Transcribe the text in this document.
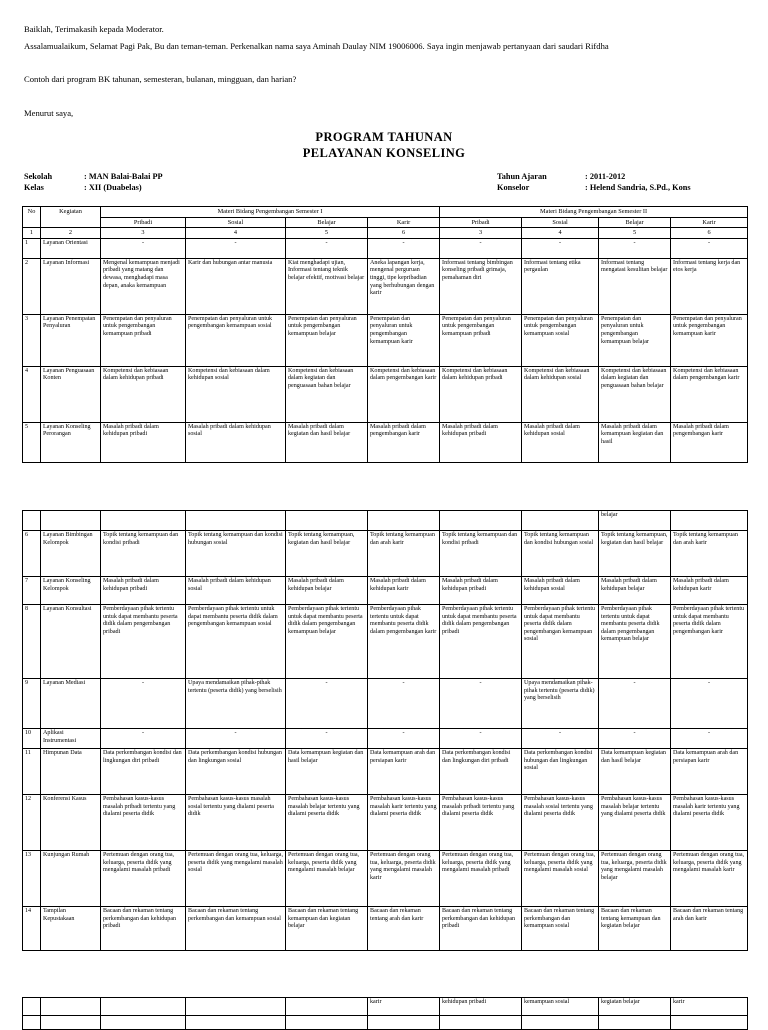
Baiklah, Terimakasih kepada Moderator.
Assalamualaikum, Selamat Pagi Pak, Bu dan teman-teman. Perkenalkan nama saya Aminah Daulay NIM 19006006. Saya ingin menjawab pertanyaan dari saudari Rifdha
Contoh dari program BK tahunan, semesteran, bulanan, mingguan, dan harian?
Menurut saya,
PROGRAM TAHUNAN
PELAYANAN KONSELING
Sekolah	: MAN Balai-Balai PP
Kelas	: XII (Duabelas)
Tahun Ajaran	: 2011-2012
Konselor	: Helend Sandria, S.Pd., Kons
No	Kegiatan	Materi Bidang Pengembangan Semester I				Materi Bidang Pengembangan Semester II			
		Pribadi	Sosial	Belajar	Karir	Pribadi	Sosial	Belajar	Karir
1	2	3	4	5	6	3	4	5	6
1	Layanan Orientasi	-	-	-	-	-	-	-	-
2	Layanan Informasi	Mengenal kemampuan menjadi pribadi yang matang dan dewasa, menghadapi masa depan, anaka kemampuan	Karir dan hubungan antar manusia	Kiat menghadapi ujian, Informasi tentang teknik belajar efektif, motivasi belajar	Aneka lapangan kerja, mengenal perguruan tinggi, tipe kepribadian yang berhubungan dengan karir	Informasi tentang bimbingan konseling pribadi grimaja, pemahaman diri	Informasi tentang etika pergaulan	Informasi tentang mengatasi kesulitan belajar	Informasi tentang kerja dan etos kerja
3	Layanan Penempatan Penyaluran	Penempatan dan penyaluran untuk pengembangan kemampuan pribadi	Penempatan dan penyaluran untuk pengembangan kemampuan sosial	Penempatan dan penyaluran untuk pengembangan kemampuan belajar	Penempatan dan penyaluran untuk pengembangan kemampuan karir	Penempatan dan penyaluran untuk pengembangan kemampuan pribadi	Penempatan dan penyaluran untuk pengembangan kemampuan sosial	Penempatan dan penyaluran untuk pengembangan kemampuan belajar	Penempatan dan penyaluran untuk pengembangan kemampuan karir
4	Layanan Penguasaan Konten	Kompetensi dan kebiasaan dalam kehidupan pribadi	Kompetensi dan kebiasaan dalam kehidupan sosial	Kompetensi dan kebiasaan dalam kegiatan dan penguasaan bahan belajar	Kompetensi dan kebiasaan dalam pengembangan karir	Kompetensi dan kebiasaan dalam kehidupan pribadi	Kompetensi dan kebiasaan dalam kehidupan sosial	Kompetensi dan kebiasaan dalam kegiatan dan penguasaan bahan belajar	Kompetensi dan kebiasaan dalam pengembangan karir
5	Layanan Konseling Perorangan	Masalah pribadi dalam kehidupan pribadi	Masalah pribadi dalam kehidupan sosial	Masalah pribadi dalam kegiatan dan hasil belajar	Masalah pribadi dalam pengembangan karir	Masalah pribadi dalam kehidupan pribadi	Masalah pribadi dalam kehidupan sosial	Masalah pribadi dalam kemampuan kegiatan dan hasil	Masalah pribadi dalam pengembangan karir
								belajar	
6	Layanan Bimbingan Kelompok	Topik tentang kemampuan dan kondisi pribadi	Topik tentang kemampuan dan kondisi hubungan sosial	Topik tentang kemampuan, kegiatan dan hasil belajar	Topik tentang kemampuan dan arah karir	Topik tentang kemampuan dan kondisi pribadi	Topik tentang kemampuan dan kondisi hubungan sosial	Topik tentang kemampuan, kegiatan dan hasil belajar	Topik tentang kemampuan dan arah karir
7	Layanan Konseling Kelompok	Masalah pribadi dalam kehidupan pribadi	Masalah pribadi dalam kehidupan sosial	Masalah pribadi dalam kehidupan belajar	Masalah pribadi dalam kehidupan karir	Masalah pribadi dalam kehidupan pribadi	Masalah pribadi dalam kehidupan sosial	Masalah pribadi dalam kehidupan belajar	Masalah pribadi dalam kehidupan karir
8	Layanan Konsultasi	Pemberdayaan pihak tertentu untuk dapat membantu peserta didik dalam pengembangan pribadi	Pemberdayaan pihak tertentu untuk dapat membantu peserta didik dalam pengembangan kemampuan sosial	Pemberdayaan pihak tertentu untuk dapat membantu peserta didik dalam pengembangan kemampuan belajar	Pemberdayaan pihak tertentu untuk dapat membantu peserta didik dalam pengembangan karir	Pemberdayaan pihak tertentu untuk dapat membantu peserta didik dalam pengembangan pribadi	Pemberdayaan pihak tertentu untuk dapat membantu peserta didik dalam pengembangan kemampuan sosial	Pemberdayaan pihak tertentu untuk dapat membantu peserta didik dalam pengembangan kemampuan belajar	Pemberdayaan pihak tertentu untuk dapat membantu peserta didik dalam pengembangan karir
9	Layanan Mediasi	-	Upaya mendamaikan pihak-pihak tertentu (peserta didik) yang berselisih	-	-	-	Upaya mendamaikan pihak-pihak tertentu (peserta didik) yang berselisih	-	-
10	Aplikasi Instrumentasi	-	-	-	-	-	-	-	-
11	Himpunan Data	Data perkembangan kondisi dan lingkungan diri pribadi	Data perkembangan kondisi hubungan dan lingkungan sosial	Data kemampuan kegiatan dan hasil belajar	Data kemampuan arah dan persiapan karir	Data perkembangan kondisi dan lingkungan diri pribadi	Data perkembangan kondisi hubungan dan lingkungan sosial	Data kemampuan kegiatan dan hasil belajar	Data kemampuan arah dan persiapan karir
12	Konferensi Kasus	Pembahasan kasus-kasus masalah pribadi tertentu yang dialami peserta didik	Pembahasan kasus-kasus masalah sosial tertentu yang dialami peserta didik	Pembahasan kasus-kasus masalah belajar tertentu yang dialami peserta didik	Pembahasan kasus-kasus masalah karir tertentu yang dialami peserta didik	Pembahasan kasus-kasus masalah pribadi tertentu yang dialami peserta didik	Pembahasan kasus-kasus masalah sosial tertentu yang dialami peserta didik	Pembahasan kasus-kasus masalah belajar tertentu yang dialami peserta didik	Pembahasan kasus-kasus masalah karir tertentu yang dialami peserta didik
13	Kunjungan Rumah	Pertemuan dengan orang tua, keluarga, peserta didik yang mengalami masalah pribadi	Pertemuan dengan orang tua, keluarga, peserta didik yang mengalami masalah sosial	Pertemuan dengan orang tua, keluarga, peserta didik yang mengalami masalah belajar	Pertemuan dengan orang tua, keluarga, peserta didik yang mengalami masalah karir	Pertemuan dengan orang tua, keluarga, peserta didik yang mengalami masalah pribadi	Pertemuan dengan orang tua, keluarga, peserta didik yang mengalami masalah sosial	Pertemuan dengan orang tua, keluarga, peserta didik yang mengalami masalah belajar	Pertemuan dengan orang tua, keluarga, peserta didik yang mengalami masalah karir
14	Tampilan Kepustakaan	Bacaan dan rekaman tentang perkembangan dan kehidupan pribadi	Bacaan dan rekaman tentang perkembangan dan kemampuan sosial	Bacaan dan rekaman tentang kemampuan dan kegiatan belajar	Bacaan dan rekaman tentang arah dan karir	Bacaan dan rekaman tentang perkembangan dan kehidupan pribadi	Bacaan dan rekaman tentang perkembangan dan kemampuan sosial	Bacaan dan rekaman tentang kemampuan dan kegiatan belajar	Bacaan dan rekaman tentang arah dan karir
					karir	kehidupan pribadi	kemampuan sosial	kegiatan belajar	karir
